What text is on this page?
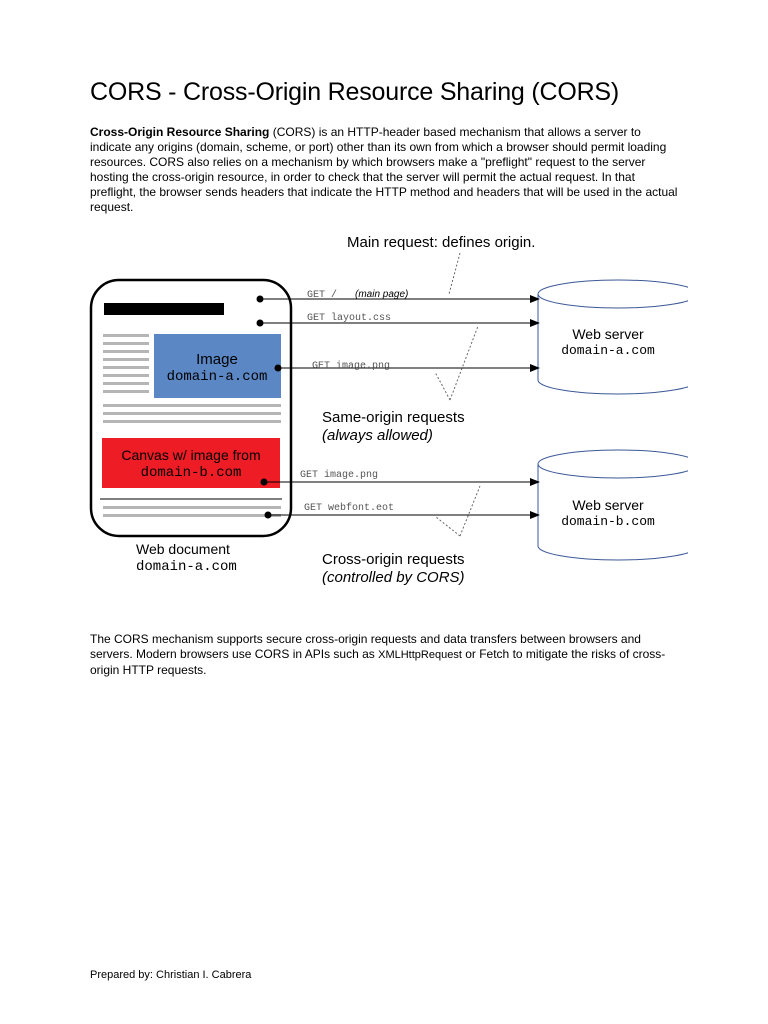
CORS - Cross-Origin Resource Sharing (CORS)

Cross-Origin Resource Sharing (CORS) is an HTTP-header based mechanism that allows a server to indicate any origins (domain, scheme, or port) other than its own from which a browser should permit loading resources. CORS also relies on a mechanism by which browsers make a "preflight" request to the server hosting the cross-origin resource, in order to check that the server will permit the actual request. In that preflight, the browser sends headers that indicate the HTTP method and headers that will be used in the actual request.

Main request: defines origin.
Image
domain-a.com
Canvas w/ image from
domain-b.com
Web document
domain-a.com
Web server
domain-a.com
Web server
domain-b.com
GET / (main page)
GET layout.css
GET image.png
GET image.png
GET webfont.eot
Same-origin requests
(always allowed)
Cross-origin requests
(controlled by CORS)

The CORS mechanism supports secure cross-origin requests and data transfers between browsers and servers. Modern browsers use CORS in APIs such as XMLHttpRequest or Fetch to mitigate the risks of cross-origin HTTP requests.

Prepared by: Christian I. Cabrera
